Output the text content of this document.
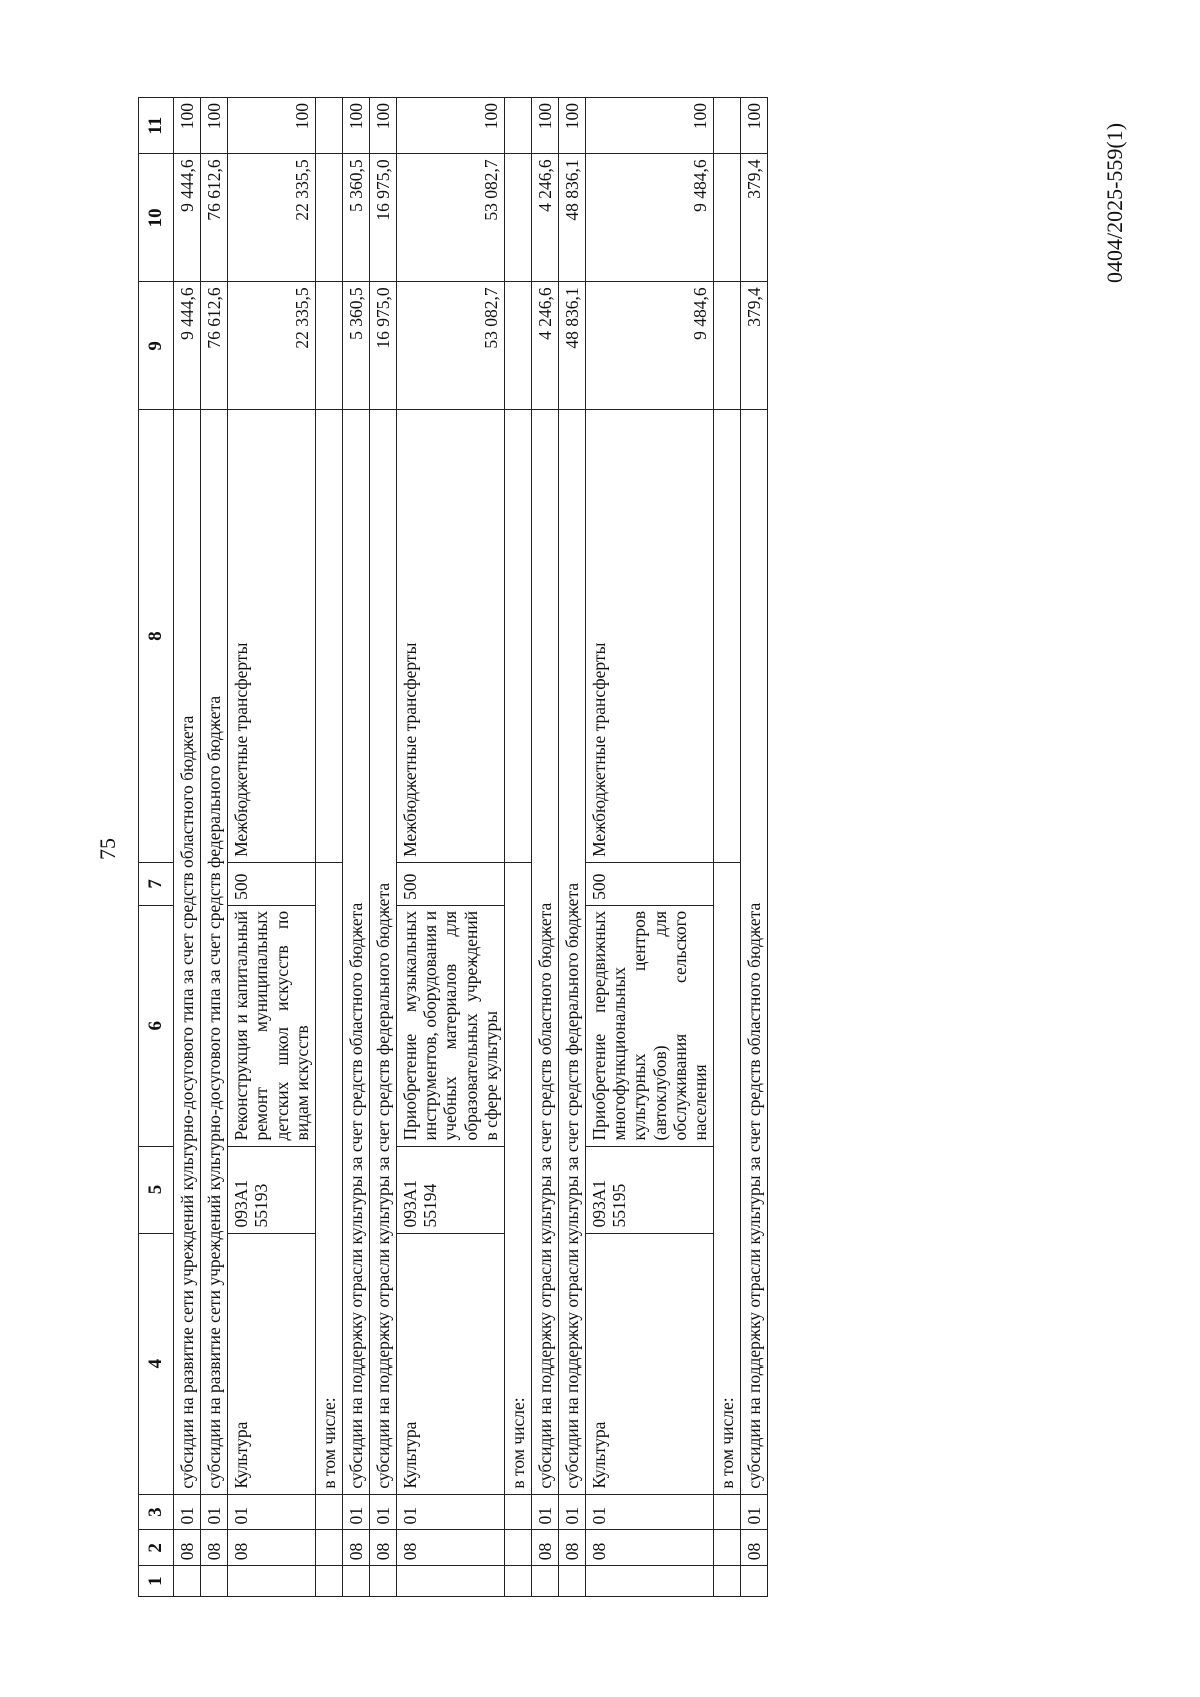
75
0404/2025-559(1)
1	2	3	4	5	6	7	8	9	10	11
	08	01	субсидии на развитие сети учреждений культурно-досугового типа за счет средств областного бюджета					9 444,6	9 444,6	100
	08	01	субсидии на развитие сети учреждений культурно-досугового типа за счет средств федерального бюджета					76 612,6	76 612,6	100
	08	01	Культура	093A1 55193	Реконструкция и капитальный ремонт муниципальных детских школ искусств по видам искусств	500	Межбюджетные трансферты	22 335,5	22 335,5	100
			в том числе:							
	08	01	субсидии на поддержку отрасли культуры за счет средств областного бюджета					5 360,5	5 360,5	100
	08	01	субсидии на поддержку отрасли культуры за счет средств федерального бюджета					16 975,0	16 975,0	100
	08	01	Культура	093A1 55194	Приобретение музыкальных инструментов, оборудования и учебных материалов для образовательных учреждений в сфере культуры	500	Межбюджетные трансферты	53 082,7	53 082,7	100
			в том числе:							
	08	01	субсидии на поддержку отрасли культуры за счет средств областного бюджета					4 246,6	4 246,6	100
	08	01	субсидии на поддержку отрасли культуры за счет средств федерального бюджета					48 836,1	48 836,1	100
	08	01	Культура	093A1 55195	Приобретение передвижных многофункциональных культурных центров (автоклубов) для обслуживания сельского населения	500	Межбюджетные трансферты	9 484,6	9 484,6	100
			в том числе:							
	08	01	субсидии на поддержку отрасли культуры за счет средств областного бюджета					379,4	379,4	100
